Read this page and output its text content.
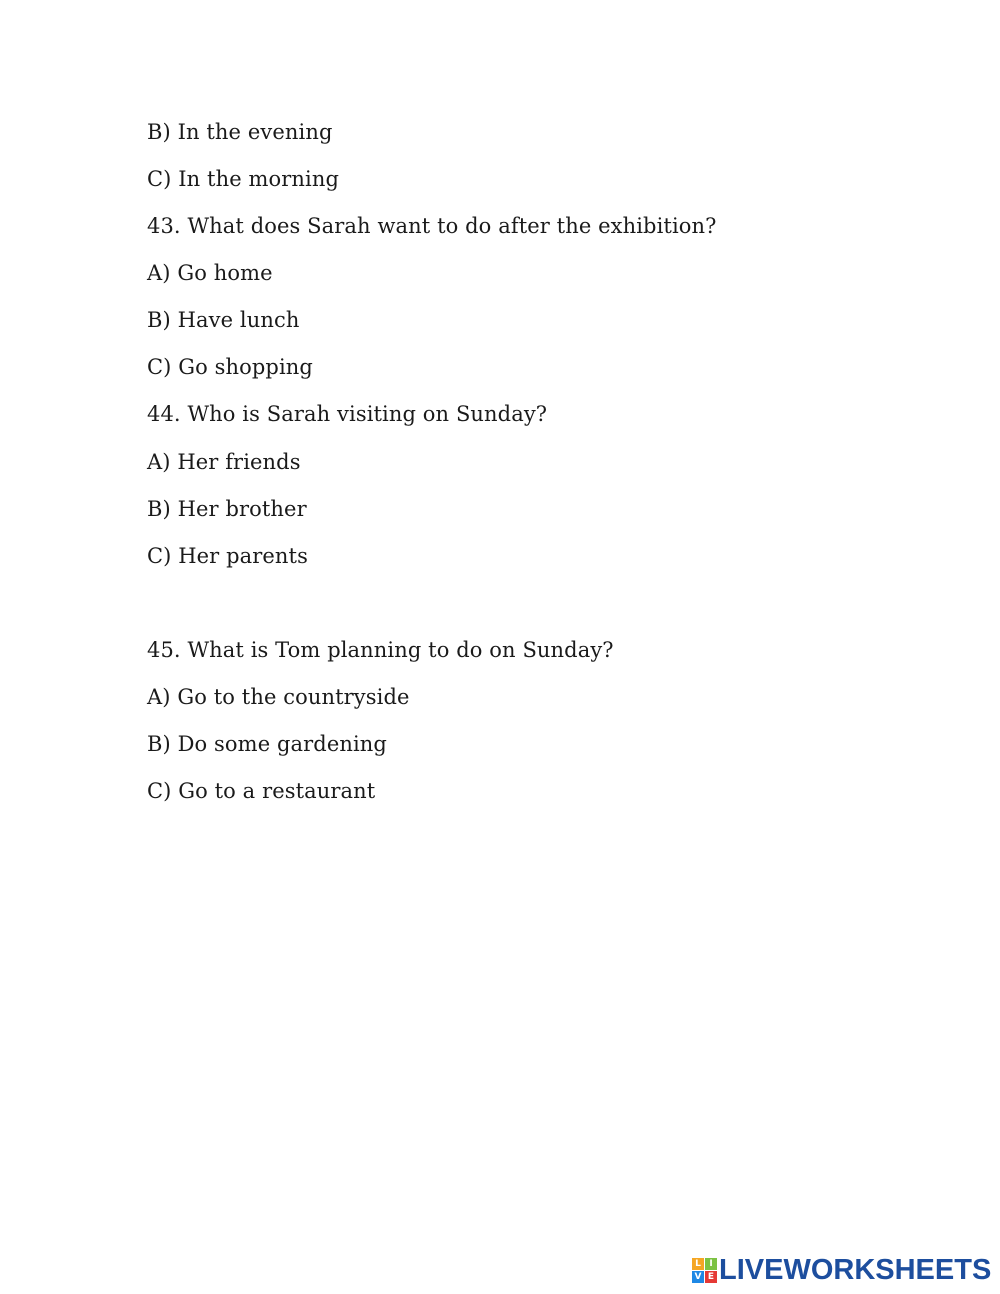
B) In the evening
C) In the morning
43. What does Sarah want to do after the exhibition?
A) Go home
B) Have lunch
C) Go shopping
44. Who is Sarah visiting on Sunday?
A) Her friends
B) Her brother
C) Her parents
45. What is Tom planning to do on Sunday?
A) Go to the countryside
B) Do some gardening
C) Go to a restaurant
L I
V E LIVEWORKSHEETS
